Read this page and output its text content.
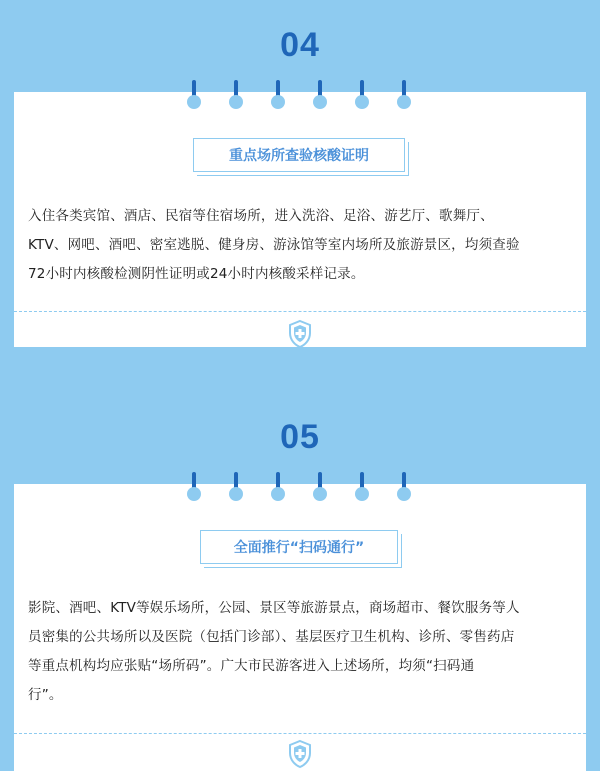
04
重点场所查验核酸证明
入住各类宾馆、酒店、民宿等住宿场所，进入洗浴、足浴、游艺厅、歌舞厅、
KTV、网吧、酒吧、密室逃脱、健身房、游泳馆等室内场所及旅游景区，均须查验
72小时内核酸检测阴性证明或24小时内核酸采样记录。
05
全面推行“扫码通行”
影院、酒吧、KTV等娱乐场所，公园、景区等旅游景点，商场超市、餐饮服务等人
员密集的公共场所以及医院（包括门诊部）、基层医疗卫生机构、诊所、零售药店
等重点机构均应张贴“场所码”。广大市民游客进入上述场所，均须“扫码通
行”。
